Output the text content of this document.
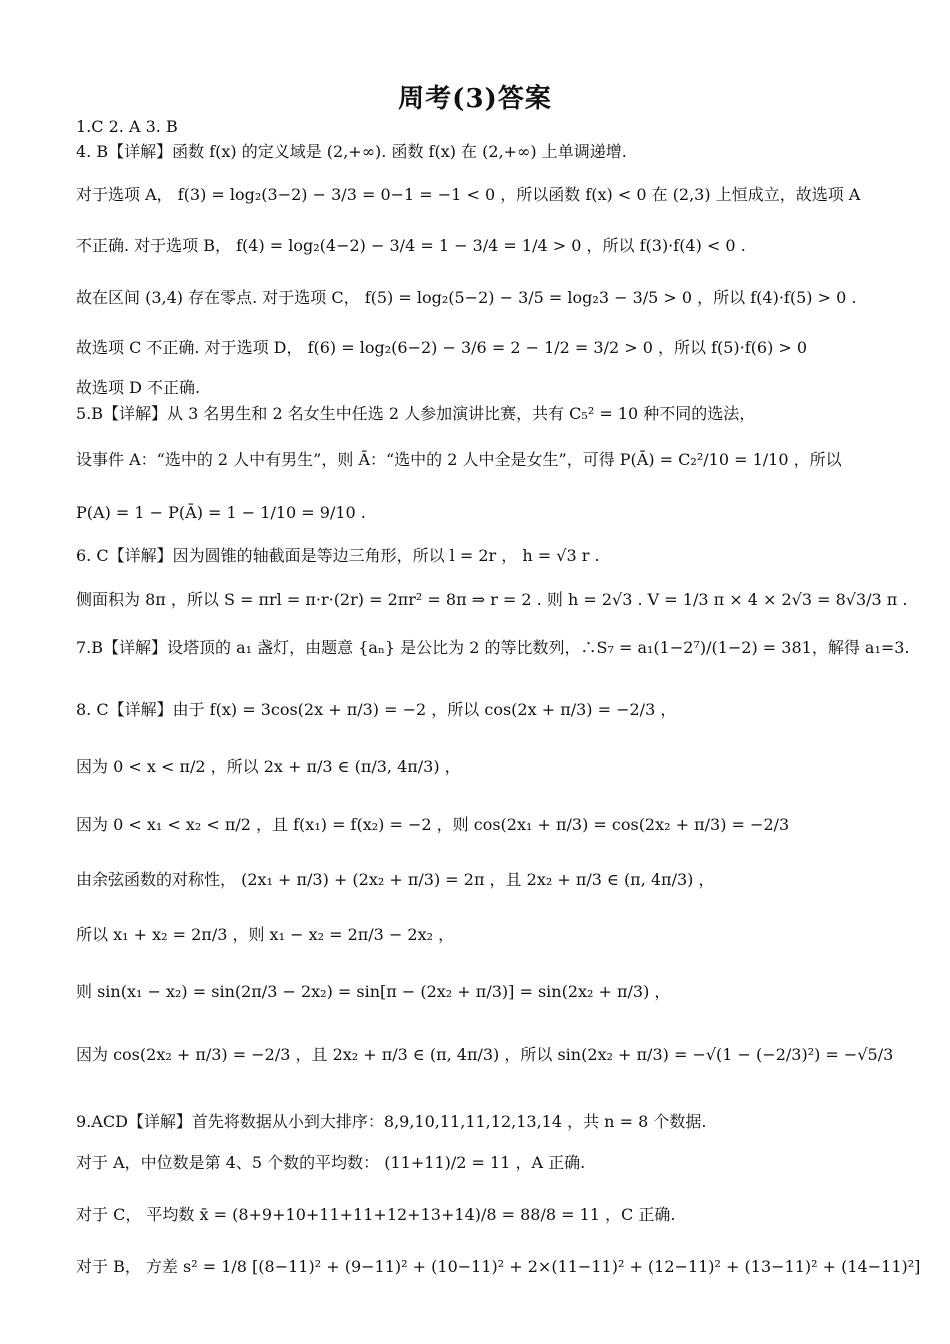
周考(3)答案
1.C 2. A 3. B
4. B【详解】函数 f(x) 的定义域是 (2,+∞). 函数 f(x) 在 (2,+∞) 上单调递增.
对于选项 A， f(3) = log₂(3−2) − 3/3 = 0−1 = −1 < 0 ，所以函数 f(x) < 0 在 (2,3) 上恒成立，故选项 A
不正确. 对于选项 B， f(4) = log₂(4−2) − 3/4 = 1 − 3/4 = 1/4 > 0 ，所以 f(3)·f(4) < 0 .
故在区间 (3,4) 存在零点. 对于选项 C， f(5) = log₂(5−2) − 3/5 = log₂3 − 3/5 > 0 ，所以 f(4)·f(5) > 0 .
故选项 C 不正确. 对于选项 D， f(6) = log₂(6−2) − 3/6 = 2 − 1/2 = 3/2 > 0 ，所以 f(5)·f(6) > 0
故选项 D 不正确.
5.B【详解】从 3 名男生和 2 名女生中任选 2 人参加演讲比赛，共有 C₅² = 10 种不同的选法，
设事件 A：“选中的 2 人中有男生”，则 Ā：“选中的 2 人中全是女生”，可得 P(Ā) = C₂²/10 = 1/10 ，所以
P(A) = 1 − P(Ā) = 1 − 1/10 = 9/10 .
6. C【详解】因为圆锥的轴截面是等边三角形，所以 l = 2r ， h = √3 r .
侧面积为 8π ，所以 S = πrl = π·r·(2r) = 2πr² = 8π ⇒ r = 2 . 则 h = 2√3 . V = 1/3 π × 4 × 2√3 = 8√3/3 π .
7.B【详解】设塔顶的 a₁ 盏灯，由题意 {aₙ} 是公比为 2 的等比数列，∴S₇ = a₁(1−2⁷)/(1−2) = 381，解得 a₁=3.
8. C【详解】由于 f(x) = 3cos(2x + π/3) = −2 ，所以 cos(2x + π/3) = −2/3 ，
因为 0 < x < π/2 ，所以 2x + π/3 ∈ (π/3, 4π/3) ，
因为 0 < x₁ < x₂ < π/2 ，且 f(x₁) = f(x₂) = −2 ，则 cos(2x₁ + π/3) = cos(2x₂ + π/3) = −2/3
由余弦函数的对称性， (2x₁ + π/3) + (2x₂ + π/3) = 2π ，且 2x₂ + π/3 ∈ (π, 4π/3) ，
所以 x₁ + x₂ = 2π/3 ，则 x₁ − x₂ = 2π/3 − 2x₂ ，
则 sin(x₁ − x₂) = sin(2π/3 − 2x₂) = sin[π − (2x₂ + π/3)] = sin(2x₂ + π/3) ，
因为 cos(2x₂ + π/3) = −2/3 ，且 2x₂ + π/3 ∈ (π, 4π/3) ，所以 sin(2x₂ + π/3) = −√(1 − (−2/3)²) = −√5/3
9.ACD【详解】首先将数据从小到大排序：8,9,10,11,11,12,13,14 ，共 n = 8 个数据.
对于 A，中位数是第 4、5 个数的平均数： (11+11)/2 = 11 ，A 正确.
对于 C， 平均数 x̄ = (8+9+10+11+11+12+13+14)/8 = 88/8 = 11 ，C 正确.
对于 B， 方差 s² = 1/8 [(8−11)² + (9−11)² + (10−11)² + 2×(11−11)² + (12−11)² + (13−11)² + (14−11)²]
